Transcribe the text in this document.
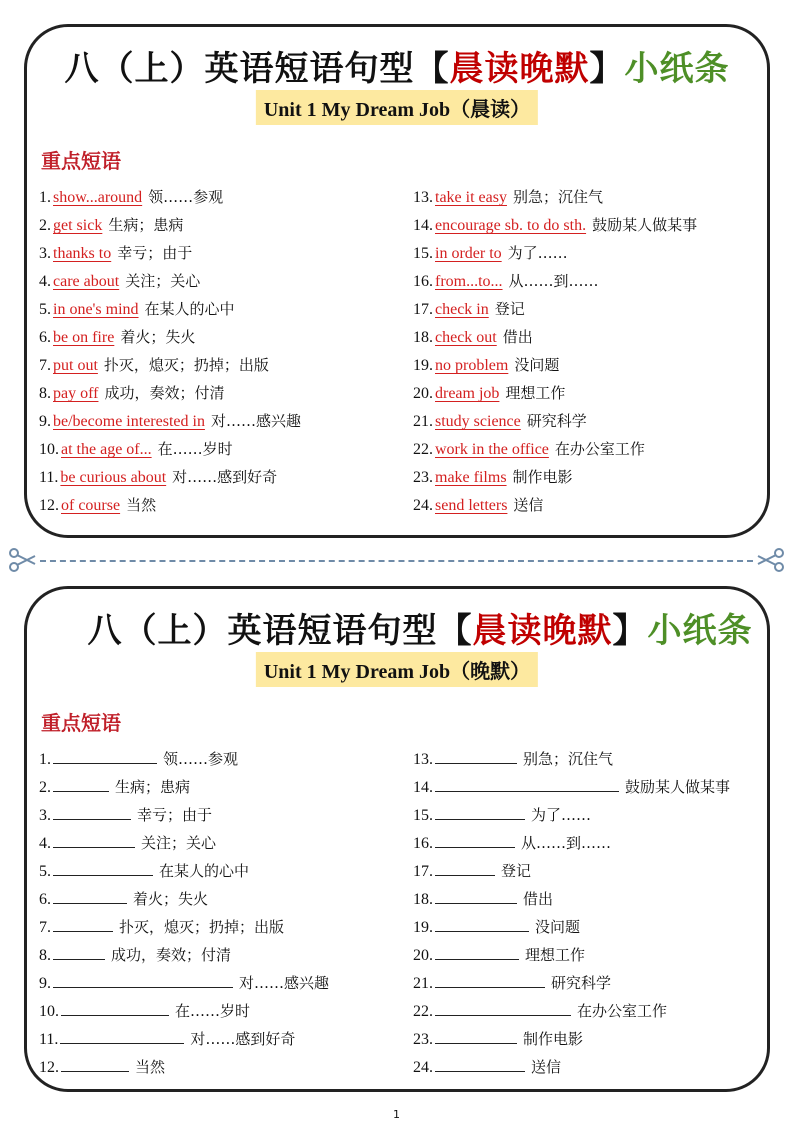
八（上）英语短语句型【晨读晚默】小纸条
Unit 1 My Dream Job（晨读）
重点短语
1. show...around 领……参观
2. get sick 生病；患病
3. thanks to 幸亏；由于
4. care about 关注；关心
5. in one's mind 在某人的心中
6. be on fire 着火；失火
7. put out 扑灭，熄灭；扔掉；出版
8. pay off 成功，奏效；付清
9. be/become interested in 对……感兴趣
10. at the age of... 在……岁时
11. be curious about 对……感到好奇
12. of course 当然
13. take it easy 别急；沉住气
14. encourage sb. to do sth. 鼓励某人做某事
15. in order to 为了……
16. from...to... 从……到……
17. check in 登记
18. check out 借出
19. no problem 没问题
20. dream job 理想工作
21. study science 研究科学
22. work in the office 在办公室工作
23. make films 制作电影
24. send letters 送信
八（上）英语短语句型【晨读晚默】小纸条
Unit 1 My Dream Job（晚默）
重点短语
1.	领……参观
2.	生病；患病
3.	幸亏；由于
4.	关注；关心
5.	在某人的心中
6.	着火；失火
7.	扑灭，熄灭；扔掉；出版
8.	成功，奏效；付清
9.	对……感兴趣
10.	在……岁时
11.	对……感到好奇
12.	当然
13.	别急；沉住气
14.	鼓励某人做某事
15.	为了……
16.	从……到……
17.	登记
18.	借出
19.	没问题
20.	理想工作
21.	研究科学
22.	在办公室工作
23.	制作电影
24.	送信
1
